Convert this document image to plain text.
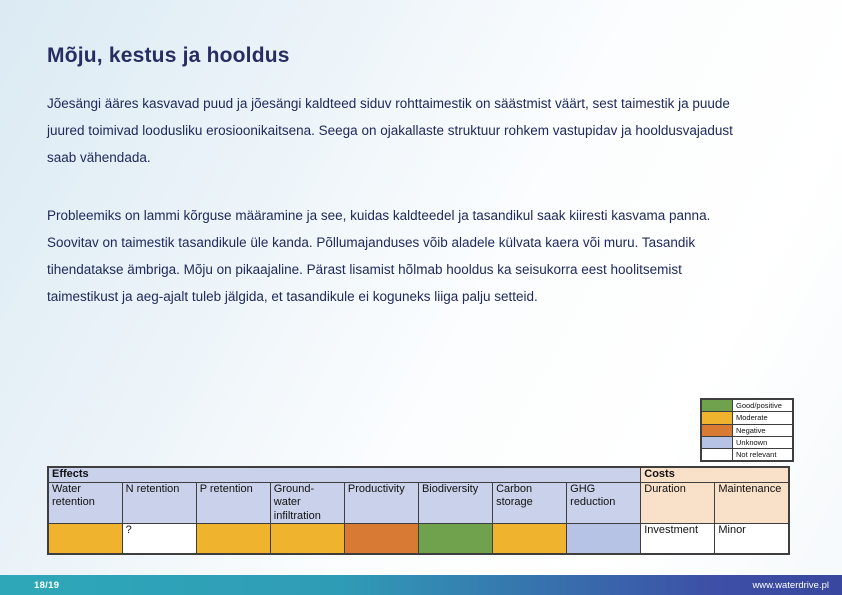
Mõju, kestus ja hooldus

Jõesängi ääres kasvavad puud ja jõesängi kaldteed siduv rohttaimestik on säästmist väärt, sest taimestik ja puude juured toimivad loodusliku erosioonikaitsena. Seega on ojakallaste struktuur rohkem vastupidav ja hooldusvajadust saab vähendada.

Probleemiks on lammi kõrguse määramine ja see, kuidas kaldteedel ja tasandikul saak kiiresti kasvama panna. Soovitav on taimestik tasandikule üle kanda. Põllumajanduses võib aladele külvata kaera või muru. Tasandik tihendatakse ämbriga. Mõju on pikaajaline. Pärast lisamist hõlmab hooldus ka seisukorra eest hoolitsemist taimestikust ja aeg-ajalt tuleb jälgida, et tasandikule ei koguneks liiga palju setteid.

Good/positive
Moderate
Negative
Unknown
Not relevant
Effects								Costs	
Water retention	N retention	P retention	Ground-water infiltration	Productivity	Biodiversity	Carbon storage	GHG reduction	Duration	Maintenance
	?							Investment	Minor
18/19	www.waterdrive.pl
